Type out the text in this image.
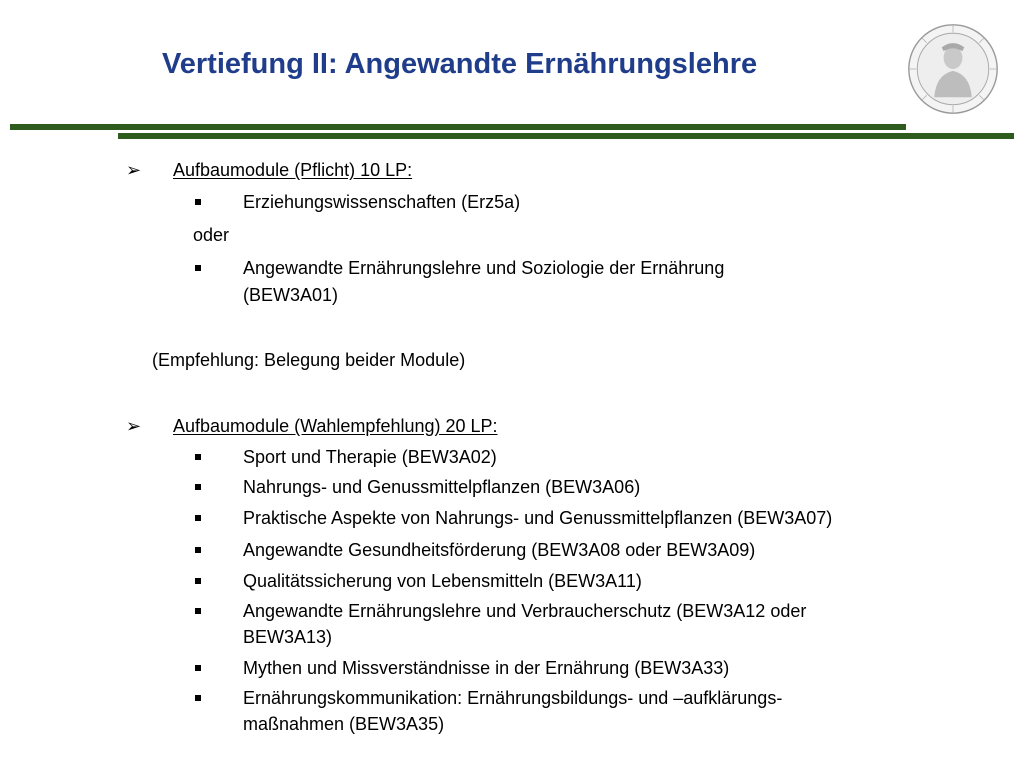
Vertiefung II: Angewandte Ernährungslehre
➢ Aufbaumodule (Pflicht) 10 LP:
Erziehungswissenschaften (Erz5a)
oder
Angewandte Ernährungslehre und Soziologie der Ernährung
(BEW3A01)
(Empfehlung: Belegung beider Module)
➢ Aufbaumodule (Wahlempfehlung) 20 LP:
Sport und Therapie (BEW3A02)
Nahrungs- und Genussmittelpflanzen (BEW3A06)
Praktische Aspekte von Nahrungs- und Genussmittelpflanzen (BEW3A07)
Angewandte Gesundheitsförderung (BEW3A08 oder BEW3A09)
Qualitätssicherung von Lebensmitteln (BEW3A11)
Angewandte Ernährungslehre und Verbraucherschutz (BEW3A12 oder
BEW3A13)
Mythen und Missverständnisse in der Ernährung (BEW3A33)
Ernährungskommunikation: Ernährungsbildungs- und –aufklärungs-
maßnahmen (BEW3A35)
